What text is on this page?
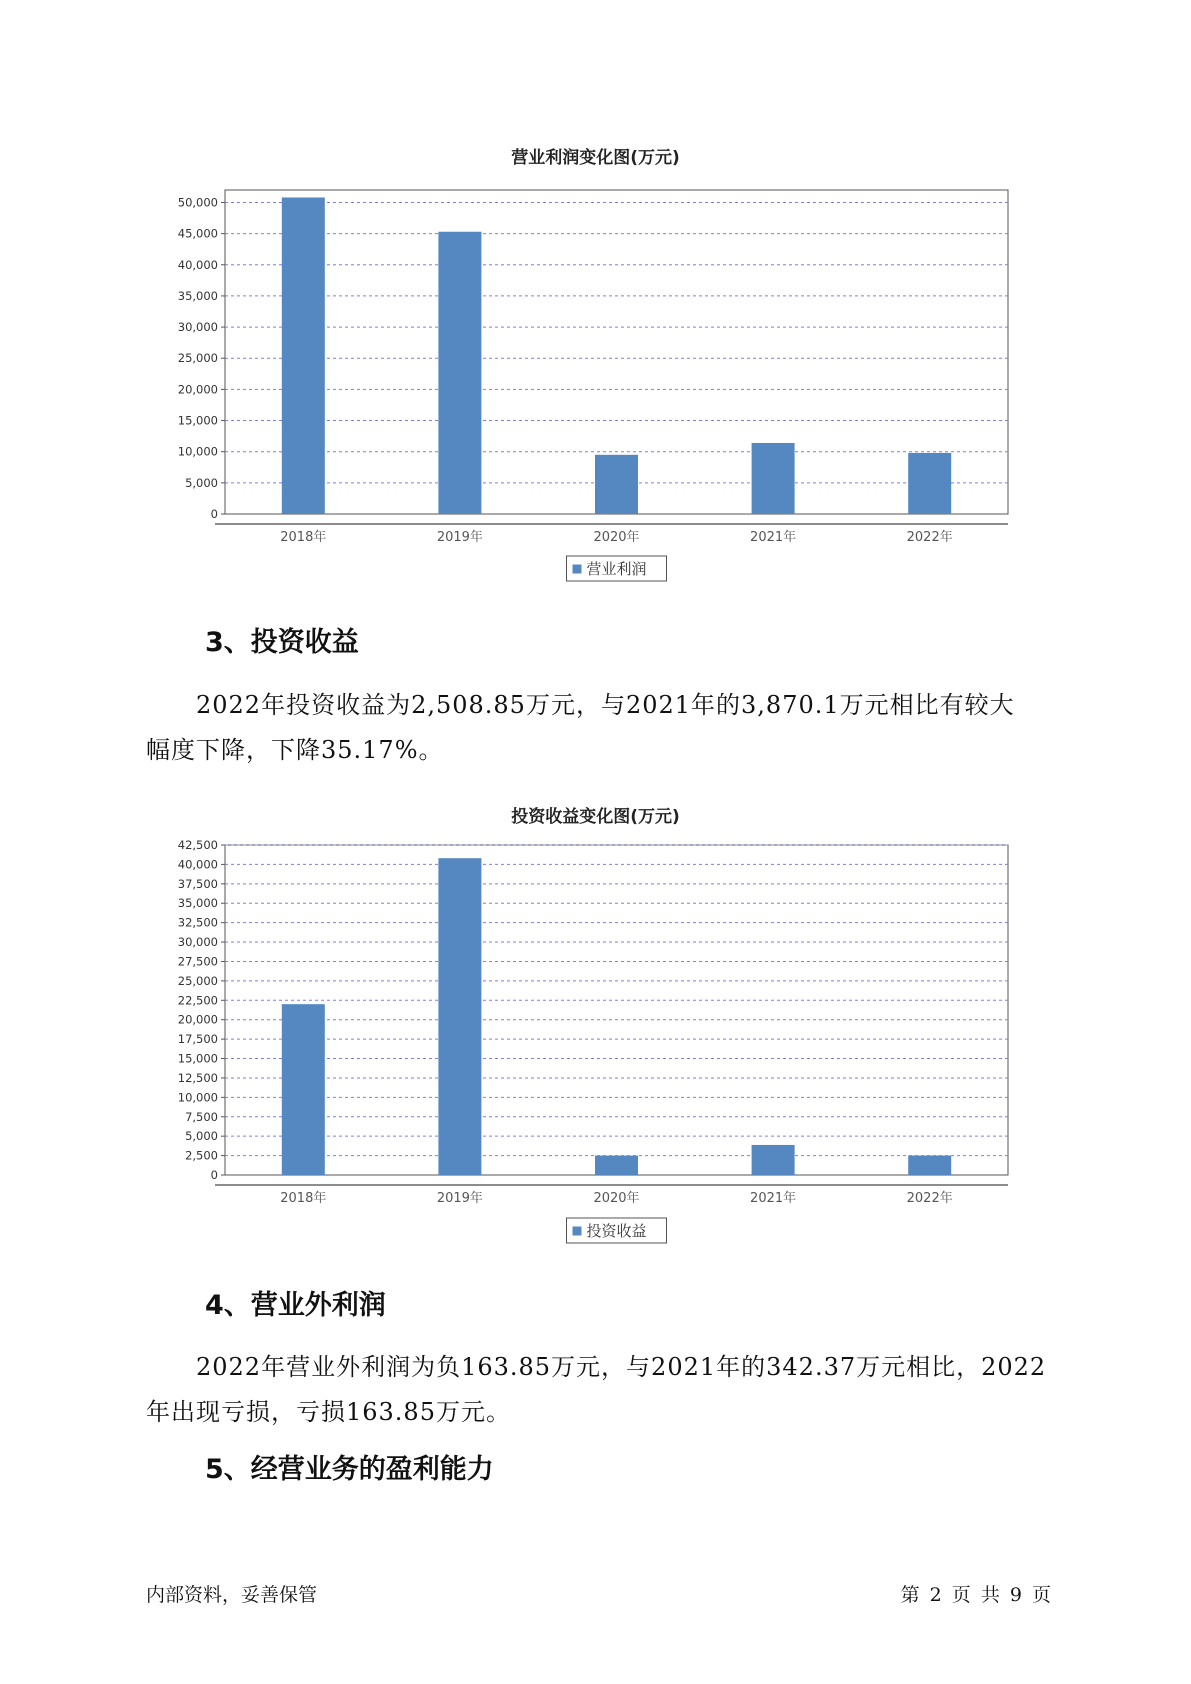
营业利润变化图(万元)
0
5,000
10,000
15,000
20,000
25,000
30,000
35,000
40,000
45,000
50,000
2018年	2019年	2020年	2021年	2022年
营业利润
3、投资收益

2022年投资收益为2,508.85万元，与2021年的3,870.1万元相比有较大
幅度下降，下降35.17%。

投资收益变化图(万元)
0
2,500
5,000
7,500
10,000
12,500
15,000
17,500
20,000
22,500
25,000
27,500
30,000
32,500
35,000
37,500
40,000
42,500
2018年	2019年	2020年	2021年	2022年
投资收益
4、营业外利润

2022年营业外利润为负163.85万元，与2021年的342.37万元相比，2022
年出现亏损，亏损163.85万元。

5、经营业务的盈利能力
内部资料，妥善保管	第 2 页 共 9 页
